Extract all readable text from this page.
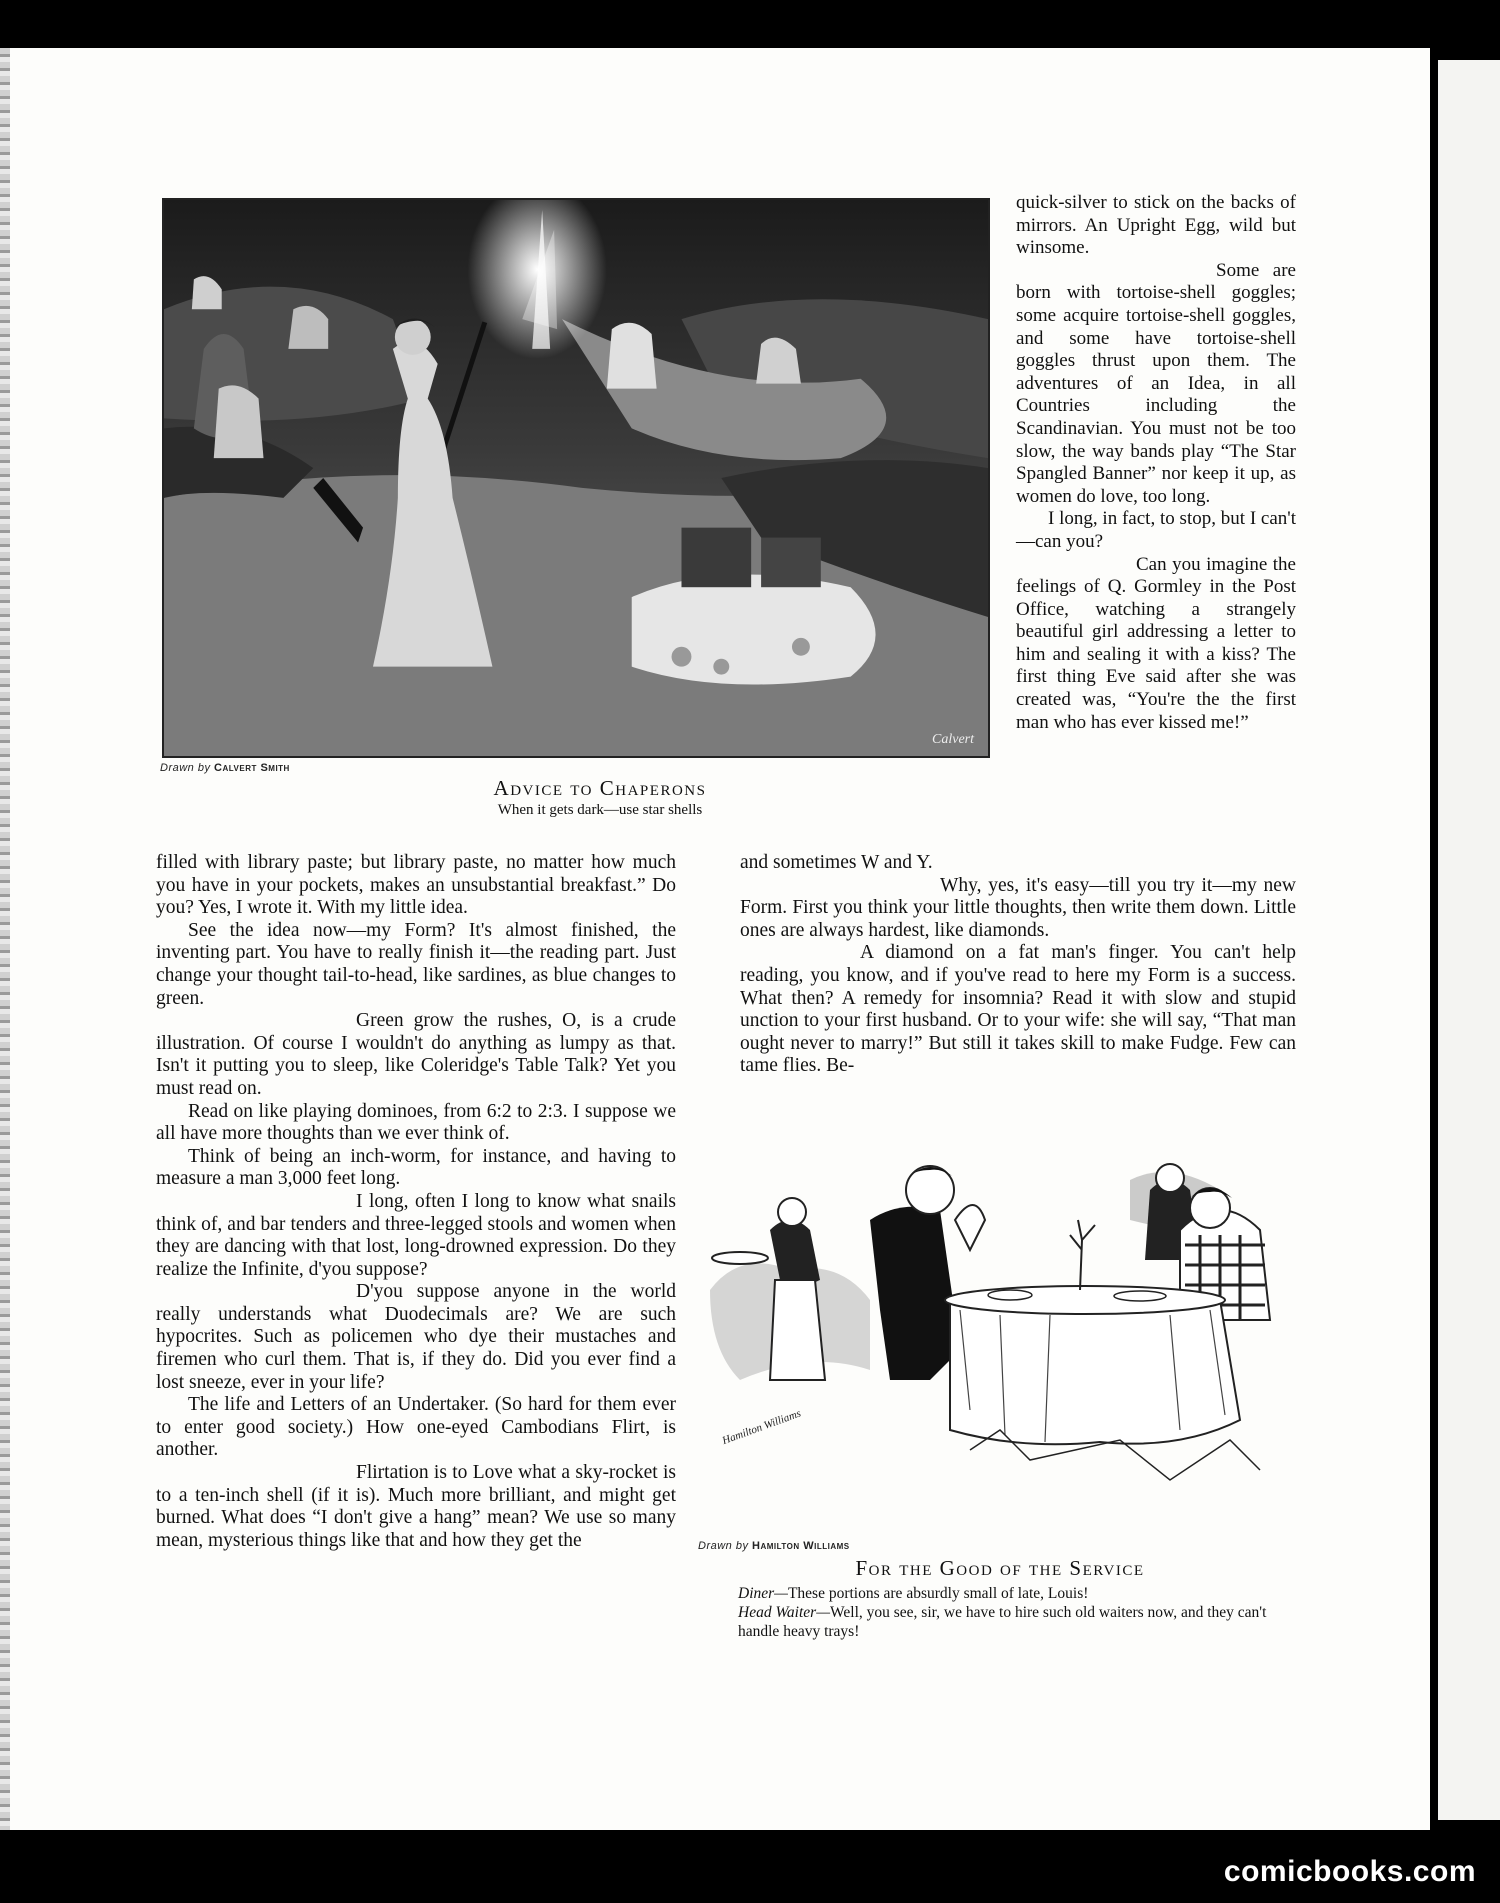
Calvert
Drawn by Calvert Smith
Advice to Chaperons
When it gets dark—use star shells

quick-silver to stick on the backs of mirrors. An Upright Egg, wild but winsome.

Some are born with tortoise-shell goggles; some acquire tortoise-shell goggles, and some have tortoise-shell goggles thrust upon them. The adventures of an Idea, in all Countries including the Scandinavian. You must not be too slow, the way bands play “The Star Spangled Banner” nor keep it up, as women do love, too long.

I long, in fact, to stop, but I can't—can you?

Can you imagine the feelings of Q. Gormley in the Post Office, watching a strangely beautiful girl addressing a letter to him and sealing it with a kiss? The first thing Eve said after she was created was, “You're the the first man who has ever kissed me!”

filled with library paste; but library paste, no matter how much you have in your pockets, makes an unsubstantial breakfast.” Do you? Yes, I wrote it. With my little idea.

See the idea now—my Form? It's almost finished, the inventing part. You have to really finish it—the reading part. Just change your thought tail-to-head, like sardines, as blue changes to green.

Green grow the rushes, O, is a crude illustration. Of course I wouldn't do anything as lumpy as that. Isn't it putting you to sleep, like Coleridge's Table Talk? Yet you must read on.

Read on like playing dominoes, from 6:2 to 2:3. I suppose we all have more thoughts than we ever think of.

Think of being an inch-worm, for instance, and having to measure a man 3,000 feet long.

I long, often I long to know what snails think of, and bar tenders and three-legged stools and women when they are dancing with that lost, long-drowned expression. Do they realize the Infinite, d'you suppose?

D'you suppose anyone in the world really understands what Duodecimals are? We are such hypocrites. Such as policemen who dye their mustaches and firemen who curl them. That is, if they do. Did you ever find a lost sneeze, ever in your life?

The life and Letters of an Undertaker. (So hard for them ever to enter good society.) How one-eyed Cambodians Flirt, is another.

Flirtation is to Love what a sky-rocket is to a ten-inch shell (if it is). Much more brilliant, and might get burned. What does “I don't give a hang” mean? We use so many mean, mysterious things like that and how they get the

and sometimes W and Y.

Why, yes, it's easy—till you try it—my new Form. First you think your little thoughts, then write them down. Little ones are always hardest, like diamonds.

A diamond on a fat man's finger. You can't help reading, you know, and if you've read to here my Form is a success. What then? A remedy for insomnia? Read it with slow and stupid unction to your first husband. Or to your wife: she will say, “That man ought never to marry!” But still it takes skill to make Fudge. Few can tame flies. Be-

Hamilton Williams
Drawn by Hamilton Williams
For the Good of the Service

Diner—These portions are absurdly small of late, Louis!

Head Waiter—Well, you see, sir, we have to hire such old waiters now, and they can't handle heavy trays!

comicbooks.com
